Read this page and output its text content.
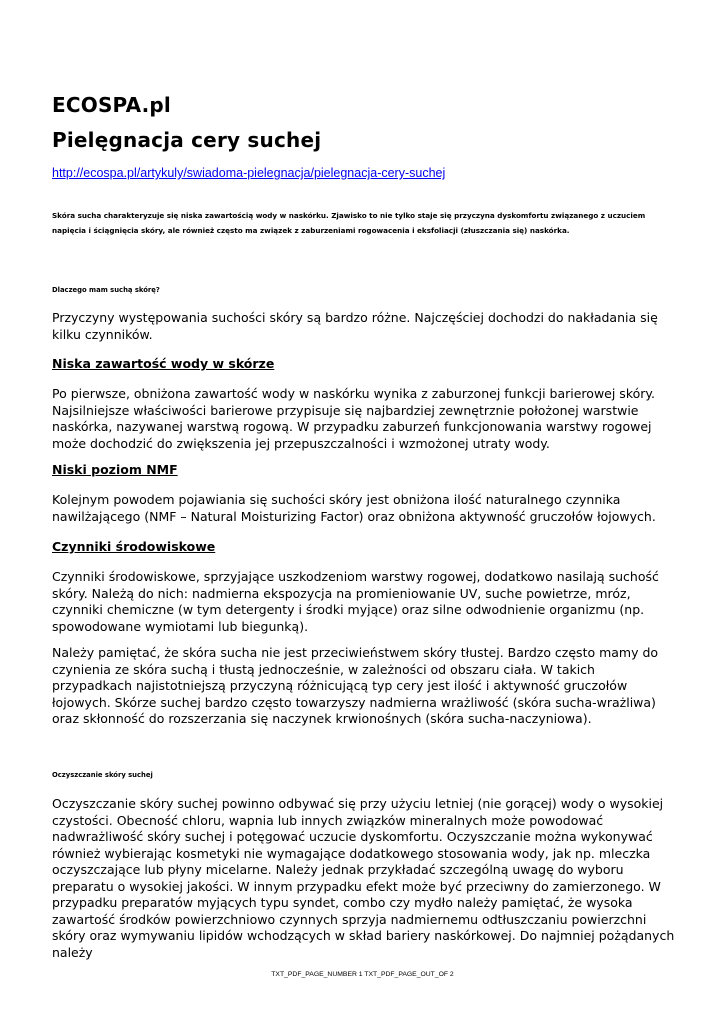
ECOSPA.pl
Pielęgnacja cery suchej
http://ecospa.pl/artykuly/swiadoma-pielegnacja/pielegnacja-cery-suchej

Skóra sucha charakteryzuje się niska zawartością wody w naskórku. Zjawisko to nie tylko staje się przyczyna dyskomfortu związanego z uczuciem napięcia i ściągnięcia skóry, ale również często ma związek z zaburzeniami rogowacenia i eksfoliacji (złuszczania się) naskórka.

Dlaczego mam suchą skórę?

Przyczyny występowania suchości skóry są bardzo różne. Najczęściej dochodzi do nakładania się kilku czynników.

Niska zawartość wody w skórze

Po pierwsze, obniżona zawartość wody w naskórku wynika z zaburzonej funkcji barierowej skóry. Najsilniejsze właściwości barierowe przypisuje się najbardziej zewnętrznie położonej warstwie naskórka, nazywanej warstwą rogową. W przypadku zaburzeń funkcjonowania warstwy rogowej może dochodzić do zwiększenia jej przepuszczalności i wzmożonej utraty wody.

Niski poziom NMF

Kolejnym powodem pojawiania się suchości skóry jest obniżona ilość naturalnego czynnika nawilżającego (NMF – Natural Moisturizing Factor) oraz obniżona aktywność gruczołów łojowych.

Czynniki środowiskowe

Czynniki środowiskowe, sprzyjające uszkodzeniom warstwy rogowej, dodatkowo nasilają suchość skóry. Należą do nich: nadmierna ekspozycja na promieniowanie UV, suche powietrze, mróz, czynniki chemiczne (w tym detergenty i środki myjące) oraz silne odwodnienie organizmu (np. spowodowane wymiotami lub biegunką).

Należy pamiętać, że skóra sucha nie jest przeciwieństwem skóry tłustej. Bardzo często mamy do czynienia ze skóra suchą i tłustą jednocześnie, w zależności od obszaru ciała. W takich przypadkach najistotniejszą przyczyną różnicującą typ cery jest ilość i aktywność gruczołów łojowych. Skórze suchej bardzo często towarzyszy nadmierna wrażliwość (skóra sucha-wrażliwa) oraz skłonność do rozszerzania się naczynek krwionośnych (skóra sucha-naczyniowa).

Oczyszczanie skóry suchej

Oczyszczanie skóry suchej powinno odbywać się przy użyciu letniej (nie gorącej) wody o wysokiej czystości. Obecność chloru, wapnia lub innych związków mineralnych może powodować nadwrażliwość skóry suchej i potęgować uczucie dyskomfortu. Oczyszczanie można wykonywać również wybierając kosmetyki nie wymagające dodatkowego stosowania wody, jak np. mleczka oczyszczające lub płyny micelarne. Należy jednak przykładać szczególną uwagę do wyboru preparatu o wysokiej jakości. W innym przypadku efekt może być przeciwny do zamierzonego. W przypadku preparatów myjących typu syndet, combo czy mydło należy pamiętać, że wysoka zawartość środków powierzchniowo czynnych sprzyja nadmiernemu odtłuszczaniu powierzchni skóry oraz wymywaniu lipidów wchodzących w skład bariery naskórkowej. Do najmniej pożądanych należy

TXT_PDF_PAGE_NUMBER 1 TXT_PDF_PAGE_OUT_OF 2
